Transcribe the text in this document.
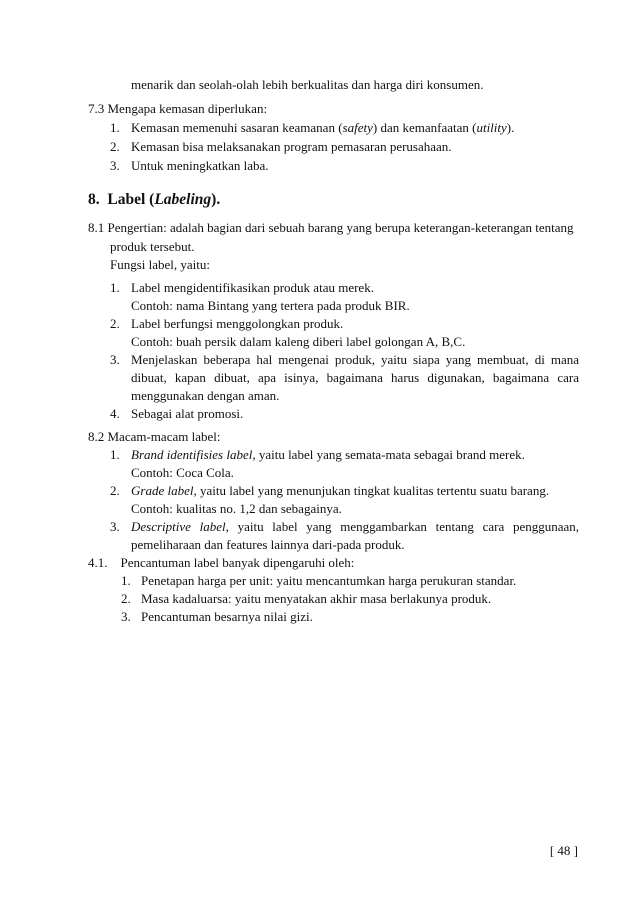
menarik dan seolah-olah lebih berkualitas dan harga diri konsumen.
7.3 Mengapa kemasan diperlukan:
1. Kemasan memenuhi sasaran keamanan (safety) dan kemanfaatan (utility).
2. Kemasan bisa melaksanakan program pemasaran perusahaan.
3. Untuk meningkatkan laba.
8. Label (Labeling).
8.1 Pengertian: adalah bagian dari sebuah barang yang berupa keterangan-keterangan tentang
produk tersebut.
Fungsi label, yaitu:
1. Label mengidentifikasikan produk atau merek.
Contoh: nama Bintang yang tertera pada produk BIR.
2. Label berfungsi menggolongkan produk.
Contoh: buah persik dalam kaleng diberi label golongan A, B,C.
3. Menjelaskan beberapa hal mengenai produk, yaitu siapa yang membuat, di mana
dibuat, kapan dibuat, apa isinya, bagaimana harus digunakan, bagaimana cara
menggunakan dengan aman.
4. Sebagai alat promosi.
8.2 Macam-macam label:
1. Brand identifisies label, yaitu label yang semata-mata sebagai brand merek.
Contoh: Coca Cola.
2. Grade label, yaitu label yang menunjukan tingkat kualitas tertentu suatu barang.
Contoh: kualitas no. 1,2 dan sebagainya.
3. Descriptive label, yaitu label yang menggambarkan tentang cara penggunaan,
pemeliharaan dan features lainnya dari-pada produk.
4.1. Pencantuman label banyak dipengaruhi oleh:
1. Penetapan harga per unit: yaitu mencantumkan harga perukuran standar.
2. Masa kadaluarsa: yaitu menyatakan akhir masa berlakunya produk.
3. Pencantuman besarnya nilai gizi.
[ 48 ]
